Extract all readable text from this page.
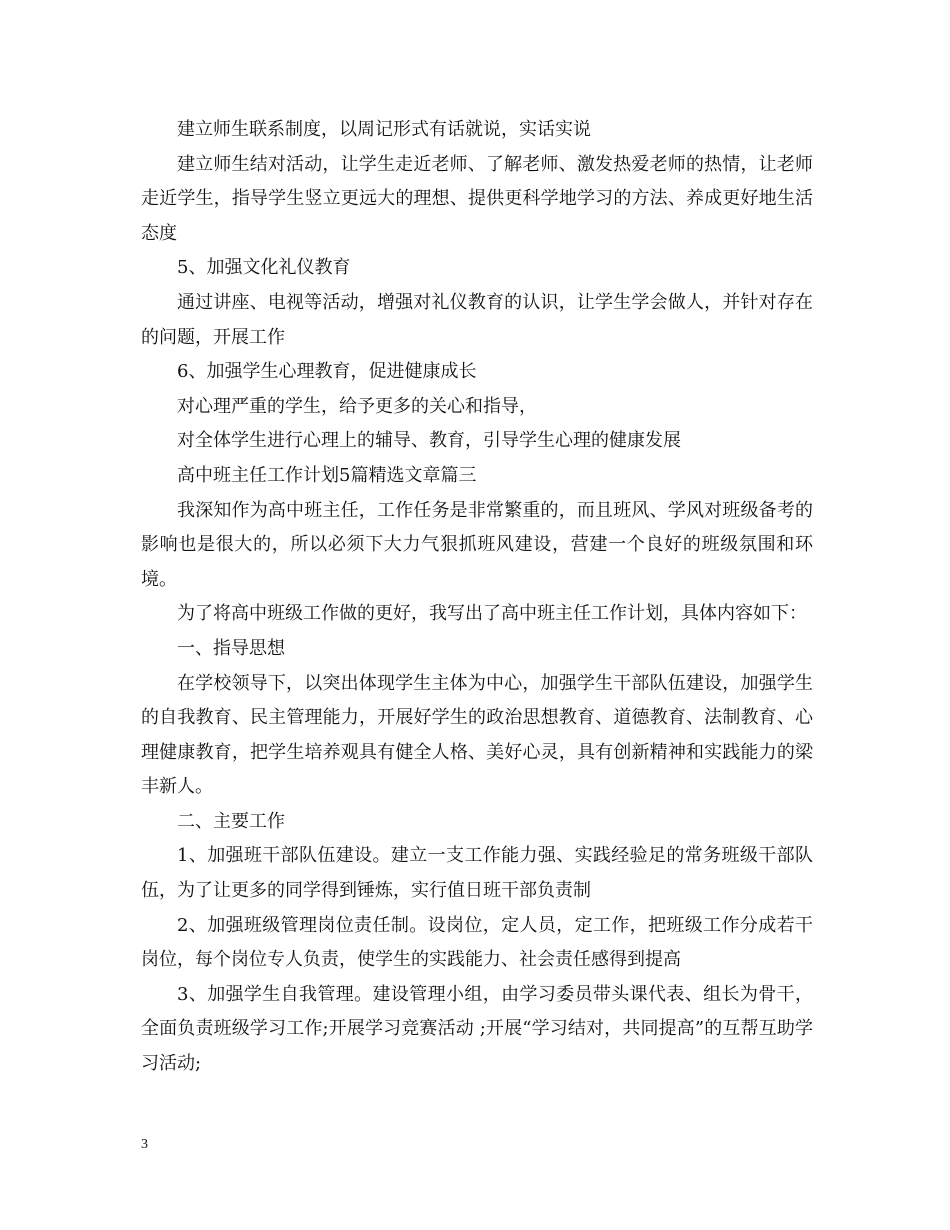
建立师生联系制度，以周记形式有话就说，实话实说

建立师生结对活动，让学生走近老师、了解老师、激发热爱老师的热情，让老师走近学生，指导学生竖立更远大的理想、提供更科学地学习的方法、养成更好地生活态度

5、加强文化礼仪教育

通过讲座、电视等活动，增强对礼仪教育的认识，让学生学会做人，并针对存在的问题，开展工作

6、加强学生心理教育，促进健康成长

对心理严重的学生，给予更多的关心和指导，

对全体学生进行心理上的辅导、教育，引导学生心理的健康发展

高中班主任工作计划5篇精选文章篇三

我深知作为高中班主任，工作任务是非常繁重的，而且班风、学风对班级备考的影响也是很大的，所以必须下大力气狠抓班风建设，营建一个良好的班级氛围和环境。

为了将高中班级工作做的更好，我写出了高中班主任工作计划，具体内容如下：

一、指导思想

在学校领导下，以突出体现学生主体为中心，加强学生干部队伍建设，加强学生的自我教育、民主管理能力，开展好学生的政治思想教育、道德教育、法制教育、心理健康教育，把学生培养观具有健全人格、美好心灵，具有创新精神和实践能力的梁丰新人。

二、主要工作

1、加强班干部队伍建设。建立一支工作能力强、实践经验足的常务班级干部队伍，为了让更多的同学得到锤炼，实行值日班干部负责制

2、加强班级管理岗位责任制。设岗位，定人员，定工作，把班级工作分成若干岗位，每个岗位专人负责，使学生的实践能力、社会责任感得到提高

3、加强学生自我管理。建设管理小组，由学习委员带头课代表、组长为骨干，全面负责班级学习工作;开展学习竞赛活动 ;开展“学习结对，共同提高”的互帮互助学习活动;

3
